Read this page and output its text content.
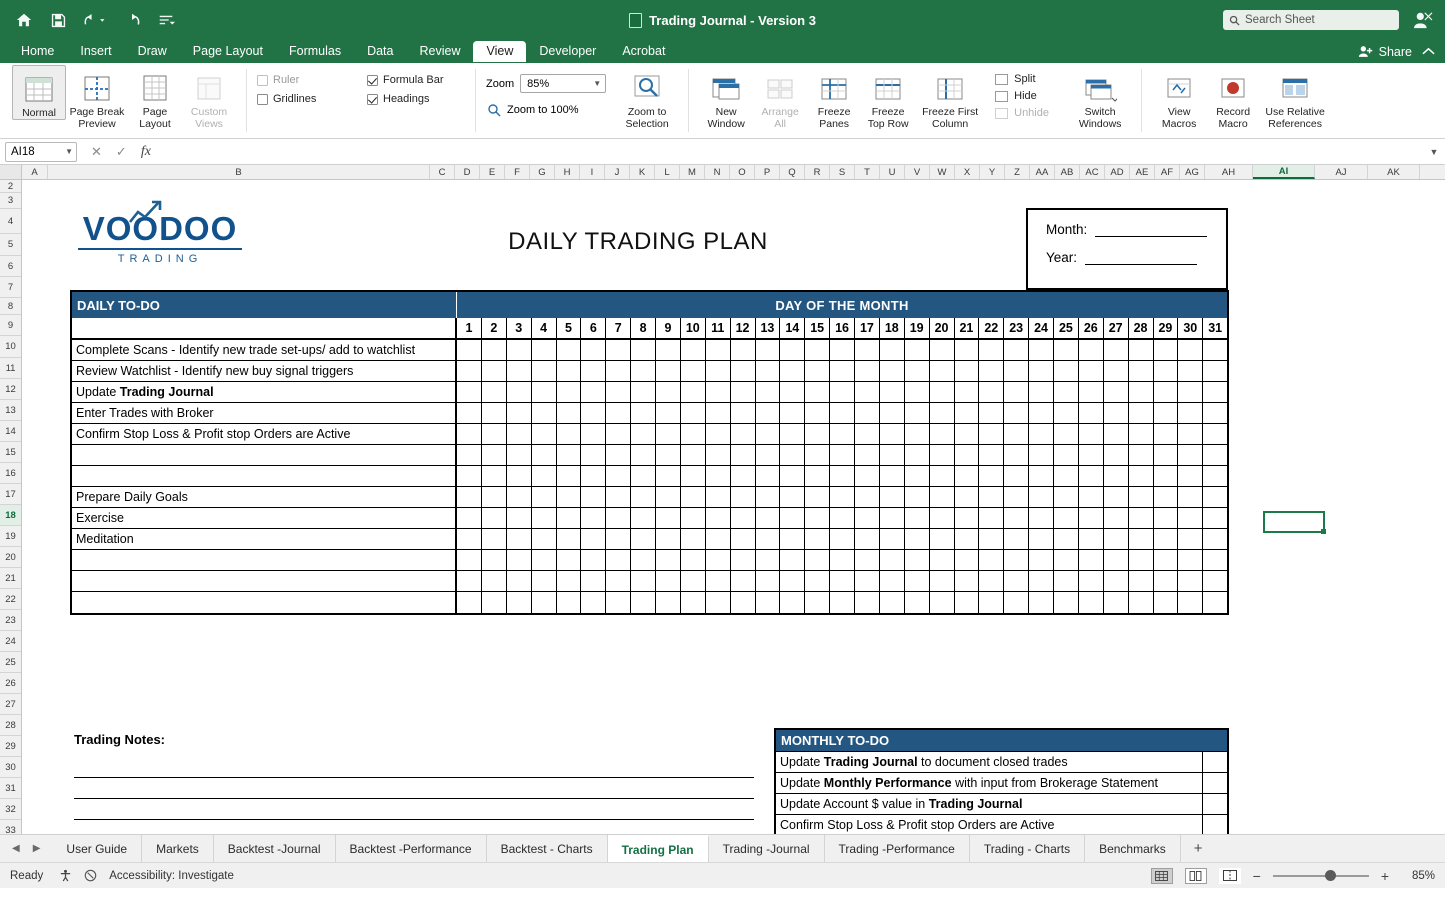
Trading Journal - Version 3	Search Sheet
Home	Insert	Draw	Page Layout	Formulas	Data	Review	View	Developer	Acrobat	Share
Normal Page Break
Preview
Page
Layout
Custom
Views
Ruler
Gridlines
Formula Bar
Headings
Zoom 85%	▼
Zoom to 100%	Zoom to
Selection
New
Window
Arrange
All
Freeze
Panes
Freeze
Top Row
Freeze First
Column
Split
Hide
Unhide	Switch
Windows
View
Macros
Record
Macro
Use Relative
References
AI18	▼ ✕ ✓ fx	▼
A	B	C	D	E	F	G	H	I	J	K	L	M	N	O	P	Q	R	S	T	U	V	W	X	Y	Z	AA	AB	AC	AD	AE	AF	AG	AH	AI	AJ	AK
2
3
4
5
6
7
8
9
10
11
12
13
14
15
16
17
18
19
20
21
22
23
24
25
26
27
28
29
30
31
32
33
VOODOO
TRADING
DAILY TRADING PLAN	Month:
Year:
DAILY TO-DO	DAY OF THE MONTH
1	2	3	4	5	6	7	8	9	10 11 12 13 14 15 16 17 18 19 20 21 22 23 24 25 26 27 28 29 30 31
Complete Scans - Identify new trade set-ups/ add to watchlist
Review Watchlist - Identify new buy signal triggers
Update Trading Journal
Enter Trades with Broker
Confirm Stop Loss & Profit stop Orders are Active
Prepare Daily Goals
Exercise
Meditation
Trading Notes:	MONTHLY TO-DO
Update Trading Journal to document closed trades
Update Monthly Performance with input from Brokerage Statement
Update Account $ value in Trading Journal
Confirm Stop Loss & Profit stop Orders are Active
◀ ▶	User Guide	Markets	Backtest -Journal	Backtest -Performance	Backtest - Charts	Trading Plan	Trading -Journal	Trading -Performance	Trading - Charts	Benchmarks	+
Ready	Accessibility: Investigate	−	+	85%
